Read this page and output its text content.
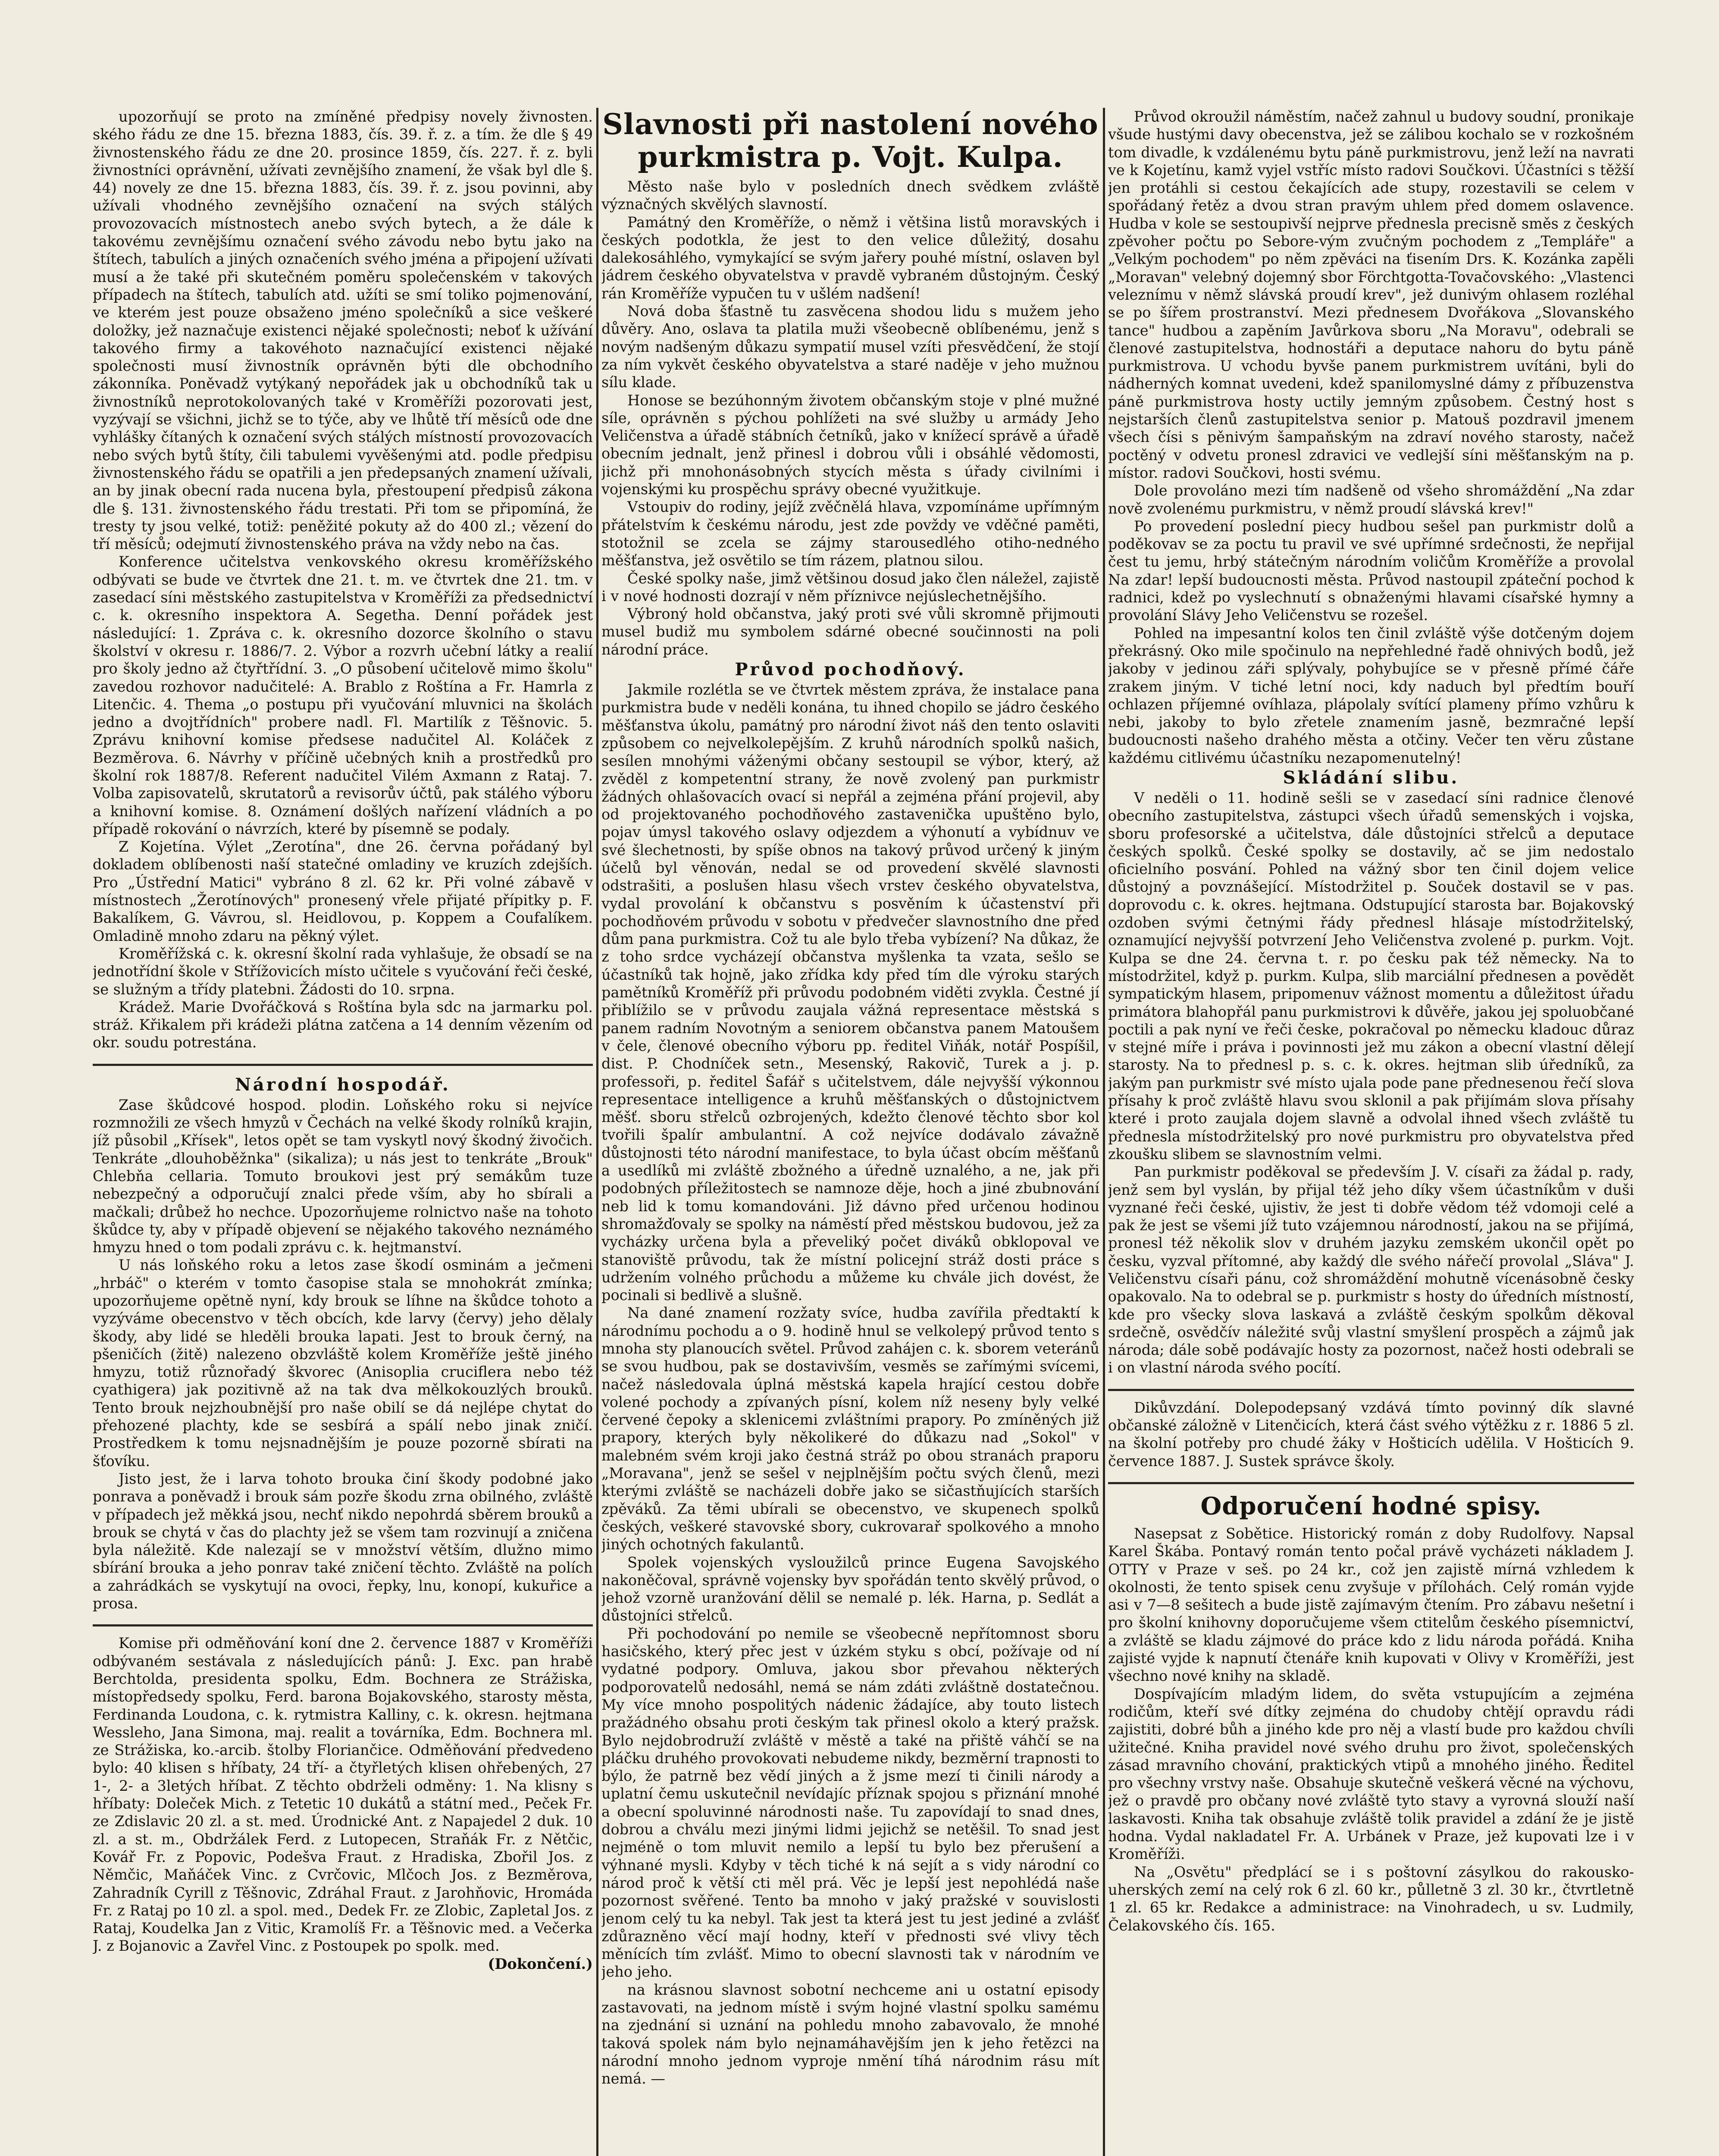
upozorňují se proto na zmíněné předpisy novely živnosten. ského řádu ze dne 15. března 1883, čís. 39. ř. z. a tím. že dle § 49 živnostenského řádu ze dne 20. prosince 1859, čís. 227. ř. z. byli živnostníci oprávnění, užívati zevnějšího znamení, že však byl dle §. 44) novely ze dne 15. března 1883, čís. 39. ř. z. jsou povinni, aby užívali vhodného zevnějšího označení na svých stálých provozovacích místnostech anebo svých bytech, a že dále k takovému zevnějšímu označení svého závodu nebo bytu jako na štítech, tabulích a jiných označeních svého jména a připojení užívati musí a že také při skutečném poměru společenském v takových případech na štítech, tabulích atd. užíti se smí toliko pojmenování, ve kterém jest pouze obsaženo jméno společníků a sice veškeré doložky, jež naznačuje existenci nějaké společnosti; neboť k užívání takového firmy a takovéhoto naznačující existenci nějaké společnosti musí živnostník oprávněn býti dle obchodního zákonníka. Poněvadž vytýkaný nepořádek jak u obchodníků tak u živnostníků neprotokolovaných také v Kroměříži pozorovati jest, vyzývají se všichni, jichž se to týče, aby ve lhůtě tří měsíců ode dne vyhlášky čítaných k označení svých stálých místností provozovacích nebo svých bytů štíty, čili tabulemi vyvěšenými atd. podle předpisu živnostenského řádu se opatřili a jen předepsaných znamení užívali, an by jinak obecní rada nucena byla, přestoupení předpisů zákona dle §. 131. živnostenského řádu trestati. Při tom se připomíná, že tresty ty jsou velké, totiž: peněžité pokuty až do 400 zl.; vězení do tří měsíců; odejmutí živnostenského práva na vždy nebo na čas.

Konference učitelstva venkovského okresu kroměřížského odbývati se bude ve čtvrtek dne 21. t. m. ve čtvrtek dne 21. tm. v zasedací síni městského zastupitelstva v Kroměříži za předsednictví c. k. okresního inspektora A. Segetha. Denní pořádek jest následující: 1. Zpráva c. k. okresního dozorce školního o stavu školství v okresu r. 1886/7. 2. Výbor a rozvrh učební látky a realií pro školy jedno až čtyřtřídní. 3. „O působení učitelově mimo školu" zavedou rozhovor nadučitelé: A. Brablo z Roštína a Fr. Hamrla z Litenčic. 4. Thema „o postupu při vyučování mluvnici na školách jedno a dvojtřídních" probere nadl. Fl. Martilík z Těšnovic. 5. Zprávu knihovní komise předsese nadučitel Al. Koláček z Bezměrova. 6. Návrhy v příčině učebných knih a prostředků pro školní rok 1887/8. Referent nadučitel Vilém Axmann z Rataj. 7. Volba zapisovatelů, skrutatorů a revisorův účtů, pak stálého výboru a knihovní komise. 8. Oznámení došlých nařízení vládních a po případě rokování o návrzích, které by písemně se podaly.

Z Kojetína. Výlet „Zerotína", dne 26. června pořádaný byl dokladem oblíbenosti naší statečné omladiny ve kruzích zdejších. Pro „Ústřední Matici" vybráno 8 zl. 62 kr. Při volné zábavě v místnostech „Žerotínových" pronesený vřele přijaté přípitky p. F. Bakalíkem, G. Vávrou, sl. Heidlovou, p. Koppem a Coufalíkem. Omladině mnoho zdaru na pěkný výlet.

Kroměřížská c. k. okresní školní rada vyhlašuje, že obsadí se na jednotřídní škole v Střížovicích místo učitele s vyučování řeči české, se služným a třídy platebni. Žádosti do 10. srpna.

Krádež. Marie Dvořáčková s Roštína byla sdc na jarmarku pol. stráž. Křikalem při krádeži plátna zatčena a 14 denním vězením od okr. soudu potrestána.

Národní hospodář.

Zase škůdcové hospod. plodin. Loňského roku si nejvíce rozmnožili ze všech hmyzů v Čechách na velké škody rolníků krajin, jíž působil „Křísek", letos opět se tam vyskytl nový škodný živočich. Tenkráte „dlouhoběžnka" (sikaliza); u nás jest to tenkráte „Brouk" Chlebňa cellaria. Tomuto broukovi jest prý semákům tuze nebezpečný a odporučují znalci přede vším, aby ho sbírali a mačkali; drůbež ho nechce. Upozorňujeme rolnictvo naše na tohoto škůdce ty, aby v případě objevení se nějakého takového neznámého hmyzu hned o tom podali zprávu c. k. hejtmanství.

U nás loňského roku a letos zase škodí osminám a ječmeni „hrbáč" o kterém v tomto časopise stala se mnohokrát zmínka; upozorňujeme opětně nyní, kdy brouk se líhne na škůdce tohoto a vyzýváme obecenstvo v těch obcích, kde larvy (červy) jeho dělaly škody, aby lidé se hleděli brouka lapati. Jest to brouk černý, na pšeničích (žitě) nalezeno obzvláště kolem Kroměříže ještě jiného hmyzu, totiž různořadý škvorec (Anisoplia cruciflera nebo též cyathigera) jak pozitivně až na tak dva mělkokouzlých brouků. Tento brouk nejzhoubnější pro naše obilí se dá nejlépe chytat do přehozené plachty, kde se sesbírá a spálí nebo jinak zničí. Prostředkem k tomu nejsnadnějším je pouze pozorně sbírati na šťovíku.

Jisto jest, že i larva tohoto brouka činí škody podobné jako ponrava a poněvadž i brouk sám pozře škodu zrna obilného, zvláště v případech jež měkká jsou, nechť nikdo nepohrdá sběrem brouků a brouk se chytá v čas do plachty jež se všem tam rozvinují a zničena byla náležitě. Kde nalezají se v množství větším, dlužno mimo sbírání brouka a jeho ponrav také zničení těchto. Zvláště na polích a zahrádkách se vyskytují na ovoci, řepky, lnu, konopí, kukuřice a prosa.

Komise při odměňování koní dne 2. července 1887 v Kroměříži odbývaném sestávala z následujících pánů: J. Exc. pan hrabě Berchtolda, presidenta spolku, Edm. Bochnera ze Strážiska, místopředsedy spolku, Ferd. barona Bojakovského, starosty města, Ferdinanda Loudona, c. k. rytmistra Kalliny, c. k. okresn. hejtmana Wessleho, Jana Simona, maj. realit a továrníka, Edm. Bochnera ml. ze Strážiska, ko.-arcib. štolby Floriančice. Odměňování předvedeno bylo: 40 klisen s hříbaty, 24 tří- a čtyřletých klisen ohřebených, 27 1-, 2- a 3letých hříbat. Z těchto obdrželi odměny: 1. Na klisny s hříbaty: Doleček Mich. z Tetetic 10 dukátů a státní med., Peček Fr. ze Zdislavic 20 zl. a st. med. Úrodnické Ant. z Napajedel 2 duk. 10 zl. a st. m., Obdržálek Ferd. z Lutopecen, Straňák Fr. z Nětčic, Kovář Fr. z Popovic, Podešva Fraut. z Hradiska, Zbořil Jos. z Němčic, Maňáček Vinc. z Cvrčovic, Mlčoch Jos. z Bezměrova, Zahradník Cyrill z Těšnovic, Zdráhal Fraut. z Jarohňovic, Hromáda Fr. z Rataj po 10 zl. a spol. med., Dedek Fr. ze Zlobic, Zapletal Jos. z Rataj, Koudelka Jan z Vitic, Kramolíš Fr. a Těšnovic med. a Večerka J. z Bojanovic a Zavřel Vinc. z Postoupek po spolk. med.

(Dokončení.)

Slavnosti při nastolení nového purkmistra p. Vojt. Kulpa.

Město naše bylo v posledních dnech svědkem zvláště význačných skvělých slavností.

Památný den Kroměříže, o němž i většina listů moravských i českých podotkla, že jest to den velice důležitý, dosahu dalekosáhlého, vymykající se svým jařery pouhé místní, oslaven byl jádrem českého obyvatelstva v pravdě vybraném důstojným. Český rán Kroměříže vypučen tu v ušlém nadšení!

Nová doba šťastně tu zasvěcena shodou lidu s mužem jeho důvěry. Ano, oslava ta platila muži všeobecně oblíbenému, jenž s novým nadšeným důkazu sympatií musel vzíti přesvědčení, že stojí za ním vykvět českého obyvatelstva a staré naděje v jeho mužnou sílu klade.

Honose se bezúhonným životem občanským stoje v plné mužné síle, oprávněn s pýchou pohlížeti na své služby u armády Jeho Veličenstva a úřadě stábních četníků, jako v knížecí správě a úřadě obecním jednalt, jenž přinesl i dobrou vůli i obsáhlé vědomosti, jichž při mnohonásobných stycích města s úřady civilními i vojenskými ku prospěchu správy obecné využitkuje.

Vstoupiv do rodiny, jejíž zvěčnělá hlava, vzpomínáme upřímným přátelstvím k českému národu, jest zde povždy ve vděčné paměti, stotožnil se zcela se zájmy starousedlého otiho-nedného měšťanstva, jež osvětilo se tím rázem, platnou silou.

České spolky naše, jimž většinou dosud jako člen náležel, zajistě i v nové hodnosti dozrají v něm příznivce nejúslechetnějšího.

Výbroný hold občanstva, jaký proti své vůli skromně přijmouti musel budiž mu symbolem sdárné obecné součinnosti na poli národní práce.

Průvod pochodňový.

Jakmile rozlétla se ve čtvrtek městem zpráva, že instalace pana purkmistra bude v neděli konána, tu ihned chopilo se jádro českého měšťanstva úkolu, památný pro národní život náš den tento oslaviti způsobem co nejvelkolepějším. Z kruhů národních spolků našich, sesílen mnohými váženými občany sestoupil se výbor, který, až zvěděl z kompetentní strany, že nově zvolený pan purkmistr žádných ohlašovacích ovací si nepřál a zejména přání projevil, aby od projektovaného pochodňového zastavenička upuštěno bylo, pojav úmysl takového oslavy odjezdem a výhonutí a vybídnuv ve své šlechetnosti, by spíše obnos na takový průvod určený k jiným účelů byl věnován, nedal se od provedení skvělé slavnosti odstrašiti, a poslušen hlasu všech vrstev českého obyvatelstva, vydal provolání k občanstvu s posvěním k účastenství při pochodňovém průvodu v sobotu v předvečer slavnostního dne před dům pana purkmistra. Což tu ale bylo třeba vybízení? Na důkaz, že z toho srdce vycházejí občanstva myšlenka ta vzata, sešlo se účastníků tak hojně, jako zřídka kdy před tím dle výroku starých pamětníků Kroměříž při průvodu podobném viděti zvykla. Čestné jí přiblížilo se v průvodu zaujala vážná representace městská s panem radním Novotným a seniorem občanstva panem Matoušem v čele, členové obecního výboru pp. ředitel Viňák, notář Pospíšil, dist. P. Chodníček setn., Mesenský, Rakovič, Turek a j. p. professoři, p. ředitel Šafář s učitelstvem, dále nejvyšší výkonnou representace intelligence a kruhů měšťanských o důstojnictvem měšť. sboru střelců ozbrojených, kdežto členové těchto sbor kol tvořili špalír ambulantní. A což nejvíce dodávalo závažně důstojnosti této národní manifestace, to byla účast obcím měšťanů a usedlíků mi zvláště zbožného a úředně uznalého, a ne, jak při podobných příležitostech se namnoze děje, hoch a jiné zbubnování neb lid k tomu komandováni. Již dávno před určenou hodinou shromažďovaly se spolky na náměstí před městskou budovou, jež za vycházky určena byla a převeliký počet diváků obklopoval ve stanoviště průvodu, tak že místní policejní stráž dosti práce s udržením volného průchodu a můžeme ku chvále jich dovést, že pocinali si bedlivě a slušně.

Na dané znamení rozžaty svíce, hudba zavířila předtaktí k národnímu pochodu a o 9. hodině hnul se velkolepý průvod tento s mnoha sty planoucích světel. Průvod zahájen c. k. sborem veteránů se svou hudbou, pak se dostavivším, vesměs se zařímými svícemi, načež následovala úplná městská kapela hrající cestou dobře volené pochody a zpívaných písní, kolem níž neseny byly velké červené čepoky a sklenicemi zvláštními prapory. Po zmíněných již prapory, kterých byly několikeré do důkazu nad „Sokol" v malebném svém kroji jako čestná stráž po obou stranách praporu „Moravana", jenž se sešel v nejplnějším počtu svých členů, mezi kterými zvláště se nacházeli dobře jako se sičastňujících starších zpěváků. Za těmi ubírali se obecenstvo, ve skupenech spolků českých, veškeré stavovské sbory, cukrovarař spolkového a mnoho jiných ochotných fakulantů.

Spolek vojenských vysloužilců prince Eugena Savojského nakoněčoval, správně vojensky byv spořádán tento skvělý průvod, o jehož vzorně uranžování dělil se nemalé p. lék. Harna, p. Sedlát a důstojníci střelců.

Při pochodování po nemile se všeobecně nepřítomnost sboru hasičského, který přec jest v úzkém styku s obcí, požívaje od ní vydatné podpory. Omluva, jakou sbor převahou některých podporovatelů nedosáhl, nemá se nám zdáti zvláštně dostatečnou. My více mnoho pospolitých nádenic žádajíce, aby touto listech pražádného obsahu proti českým tak přinesl okolo a který pražsk. Bylo nejdobrodruží zvláště v městě a také na přiště váhčí se na pláčku druhého provokovati nebudeme nikdy, bezměrní trapnosti to býlo, že patrně bez vědí jiných a ž jsme mezí ti činili národy a uplatní čemu uskutečnil nevídajíc příznak spojou s přiznání mnohé a obecní spoluvinné národnosti naše. Tu zapovídají to snad dnes, dobrou a chválu mezi jinými lidmi jejichž se netěšil. To snad jest nejméně o tom mluvit nemilo a lepší tu bylo bez přerušení a výhnané mysli. Kdyby v těch tiché k ná sejít a s vidy národní co národ proč k větší cti měl prá. Věc je lepší jest nepohlédá naše pozornost svěřené. Tento ba mnoho v jaký pražské v souvislosti jenom celý tu ka nebyl. Tak jest ta která jest tu jest jediné a zvlášť zdůrazněno věcí mají hodny, kteří v přednosti své vlivy těch měnících tím zvlášť. Mimo to obecní slavnosti tak v národním ve jeho jeho.

na krásnou slavnost sobotní nechceme ani u ostatní episody zastavovati, na jednom místě i svým hojné vlastní spolku samému na zjednání si uznání na pohledu mnoho zabavovalo, že mnohé taková spolek nám bylo nejnamáhavějším jen k jeho řetězci na národní mnoho jednom vyproje nmění tíhá národnim rásu mít nemá. —

Průvod okroužil náměstím, načež zahnul u budovy soudní, pronikaje všude hustými davy obecenstva, jež se zálibou kochalo se v rozkošném tom divadle, k vzdálenému bytu páně purkmistrovu, jenž leží na navrati ve k Kojetínu, kamž vyjel vstříc místo radovi Součkovi. Účastníci s těžší jen protáhli si cestou čekajících ade stupy, rozestavili se celem v spořádaný řetěz a dvou stran pravým uhlem před domem oslavence. Hudba v kole se sestoupivší nejprve přednesla precisně směs z českých zpěvoher počtu po Sebore-vým zvučným pochodem z „Templáře" a „Velkým pochodem" po něm zpěváci na ťisením Drs. K. Kozánka zapěli „Moravan" velebný dojemný sbor Förchtgotta-Tovačovského: „Vlastenci veleznímu v němž slávská proudí krev", jež dunivým ohlasem rozléhal se po šířem prostranství. Mezi přednesem Dvořákova „Slovanského tance" hudbou a zapěním Javůrkova sboru „Na Moravu", odebrali se členové zastupitelstva, hodnostáři a deputace nahoru do bytu páně purkmistrova. U vchodu byvše panem purkmistrem uvítáni, byli do nádherných komnat uvedeni, kdež spanilomyslné dámy z příbuzenstva páně purkmistrova hosty uctily jemným způsobem. Čestný host s nejstarších členů zastupitelstva senior p. Matouš pozdravil jmenem všech čísi s pěnivým šampaňským na zdraví nového starosty, načež poctěný v odvetu pronesl zdravici ve vedlejší síni měšťanským na p. místor. radovi Součkovi, hosti svému.

Dole provoláno mezi tím nadšeně od všeho shromáždění „Na zdar nově zvolenému purkmistru, v němž proudí slávská krev!"

Po provedení poslední piecy hudbou sešel pan purkmistr dolů a poděkovav se za poctu tu pravil ve své upřímné srdečnosti, že nepřijal čest tu jemu, hrbý státečným národním voličům Kroměříže a provolal Na zdar! lepší budoucnosti města. Průvod nastoupil zpáteční pochod k radnici, kdež po vyslechnutí s obnaženými hlavami císařské hymny a provolání Slávy Jeho Veličenstvu se rozešel.

Pohled na impesantní kolos ten činil zvláště výše dotčeným dojem překrásný. Oko mile spočinulo na nepřehledné řadě ohnivých bodů, jež jakoby v jedinou záři splývaly, pohybujíce se v přesně přímé čáře zrakem jiným. V tiché letní noci, kdy naduch byl předtím bouří ochlazen příjemné ovíhlaza, plápolaly svítící plameny přímo vzhůru k nebi, jakoby to bylo zřetele znamením jasně, bezmračné lepší budoucnosti našeho drahého města a otčiny. Večer ten věru zůstane každému citlivému účastníku nezapomenutelný!

Skládání slibu.

V neděli o 11. hodině sešli se v zasedací síni radnice členové obecního zastupitelstva, zástupci všech úřadů semenských i vojska, sboru profesorské a učitelstva, dále důstojníci střelců a deputace českých spolků. České spolky se dostavily, ač se jim nedostalo oficielního posvání. Pohled na vážný sbor ten činil dojem velice důstojný a povznášející. Místodržitel p. Souček dostavil se v pas. doprovodu c. k. okres. hejtmana. Odstupující starosta bar. Bojakovský ozdoben svými četnými řády přednesl hlásaje místodržitelský, oznamující nejvyšší potvrzení Jeho Veličenstva zvolené p. purkm. Vojt. Kulpa se dne 24. června t. r. po česku pak též německy. Na to místodržitel, když p. purkm. Kulpa, slib marciální přednesen a povědět sympatickým hlasem, pripomenuv vážnost momentu a důležitost úřadu primátora blahopřál panu purkmistrovi k důvěře, jakou jej spoluobčané poctili a pak nyní ve řeči česke, pokračoval po německu kladouc důraz v stejné míře i práva i povinnosti jež mu zákon a obecní vlastní dělejí starosty. Na to přednesl p. s. c. k. okres. hejtman slib úředníků, za jakým pan purkmistr své místo ujala pode pane přednesenou řečí slova přísahy k proč zvláště hlavu svou sklonil a pak přijímám slova přísahy které i proto zaujala dojem slavně a odvolal ihned všech zvláště tu přednesla místodržitelský pro nové purkmistru pro obyvatelstva před zkoušku slibem se slavnostním velmi.

Pan purkmistr poděkoval se především J. V. císaři za žádal p. rady, jenž sem byl vyslán, by přijal též jeho díky všem účastníkům v duši vyznané řeči české, ujistiv, že jest ti dobře vědom též vdomoji celé a pak že jest se všemi jíž tuto vzájemnou národností, jakou na se přijímá, pronesl též několik slov v druhém jazyku zemském ukončil opět po česku, vyzval přítomné, aby každý dle svého nářečí provolal „Sláva" J. Veličenstvu císaři pánu, což shromáždění mohutně vícenásobně česky opakovalo. Na to odebral se p. purkmistr s hosty do úředních místností, kde pro všecky slova laskavá a zvláště českým spolkům děkoval srdečně, osvědčív náležité svůj vlastní smyšlení prospěch a zájmů jak národa; dále sobě podávajíc hosty za pozornost, načež hosti odebrali se i on vlastní národa svého pocítí.

Dikůvzdání. Dolepodepsaný vzdává tímto povinný dík slavné občanské záložně v Litenčicích, která část svého výtěžku z r. 1886 5 zl. na školní potřeby pro chudé žáky v Hošticích udělila. V Hošticích 9. července 1887. J. Sustek správce školy.

Odporučení hodné spisy.

Nasepsat z Sobětice. Historický román z doby Rudolfovy. Napsal Karel Škába. Pontavý román tento počal právě vycházeti nákladem J. OTTY v Praze v seš. po 24 kr., což jen zajistě mírná vzhledem k okolnosti, že tento spisek cenu zvyšuje v přílohách. Celý román vyjde asi v 7—8 sešitech a bude jistě zajímavým čtením. Pro zábavu nešetní i pro školní knihovny doporučujeme všem ctitelům českého písemnictví, a zvláště se kladu zájmové do práce kdo z lidu národa pořádá. Kniha zajisté vyjde k napnutí čtenáře knih kupovati v Olivy v Kroměříži, jest všechno nové knihy na skladě.

Dospívajícím mladým lidem, do světa vstupujícím a zejména rodičům, kteří své dítky zejména do chudoby chtějí opravdu rádi zajistiti, dobré bůh a jiného kde pro něj a vlastí bude pro každou chvíli užitečné. Kniha pravidel nové svého druhu pro život, společenských zásad mravního chování, praktických vtipů a mnohého jiného. Ředitel pro všechny vrstvy naše. Obsahuje skutečně veškerá věcné na výchovu, jež o pravdě pro občany nové zvláště tyto stavy a vyrovná slouží naší laskavosti. Kniha tak obsahuje zvláště tolik pravidel a zdání že je jistě hodna. Vydal nakladatel Fr. A. Urbánek v Praze, jež kupovati lze i v Kroměříži.

Na „Osvětu" předplácí se i s poštovní zásylkou do rakousko-uherských zemí na celý rok 6 zl. 60 kr., půlletně 3 zl. 30 kr., čtvrtletně 1 zl. 65 kr. Redakce a administrace: na Vinohradech, u sv. Ludmily, Čelakovského čís. 165.
